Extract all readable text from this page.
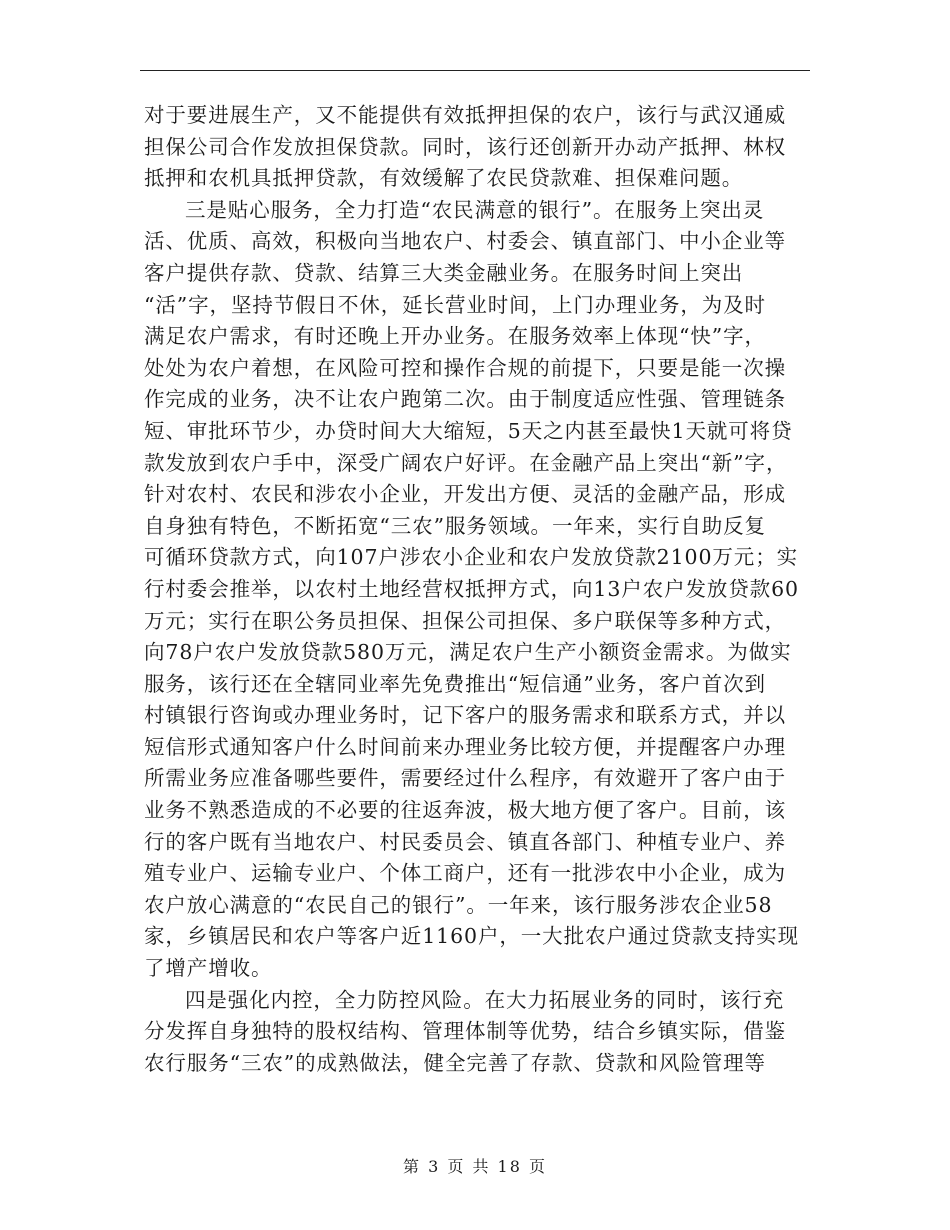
对于要进展生产，又不能提供有效抵押担保的农户，该行与武汉通威
担保公司合作发放担保贷款。同时，该行还创新开办动产抵押、林权
抵押和农机具抵押贷款，有效缓解了农民贷款难、担保难问题。
三是贴心服务，全力打造“农民满意的银行”。在服务上突出灵
活、优质、高效，积极向当地农户、村委会、镇直部门、中小企业等
客户提供存款、贷款、结算三大类金融业务。在服务时间上突出
“活”字，坚持节假日不休，延长营业时间，上门办理业务，为及时
满足农户需求，有时还晚上开办业务。在服务效率上体现“快”字，
处处为农户着想，在风险可控和操作合规的前提下，只要是能一次操
作完成的业务，决不让农户跑第二次。由于制度适应性强、管理链条
短、审批环节少，办贷时间大大缩短，5天之内甚至最快1天就可将贷
款发放到农户手中，深受广阔农户好评。在金融产品上突出“新”字，
针对农村、农民和涉农小企业，开发出方便、灵活的金融产品，形成
自身独有特色，不断拓宽“三农”服务领域。一年来，实行自助反复
可循环贷款方式，向107户涉农小企业和农户发放贷款2100万元；实
行村委会推举，以农村土地经营权抵押方式，向13户农户发放贷款60
万元；实行在职公务员担保、担保公司担保、多户联保等多种方式，
向78户农户发放贷款580万元，满足农户生产小额资金需求。为做实
服务，该行还在全辖同业率先免费推出“短信通”业务，客户首次到
村镇银行咨询或办理业务时，记下客户的服务需求和联系方式，并以
短信形式通知客户什么时间前来办理业务比较方便，并提醒客户办理
所需业务应准备哪些要件，需要经过什么程序，有效避开了客户由于
业务不熟悉造成的不必要的往返奔波，极大地方便了客户。目前，该
行的客户既有当地农户、村民委员会、镇直各部门、种植专业户、养
殖专业户、运输专业户、个体工商户，还有一批涉农中小企业，成为
农户放心满意的“农民自己的银行”。一年来，该行服务涉农企业58
家，乡镇居民和农户等客户近1160户，一大批农户通过贷款支持实现
了增产增收。
四是强化内控，全力防控风险。在大力拓展业务的同时，该行充
分发挥自身独特的股权结构、管理体制等优势，结合乡镇实际，借鉴
农行服务“三农”的成熟做法，健全完善了存款、贷款和风险管理等
第 3 页 共 18 页
